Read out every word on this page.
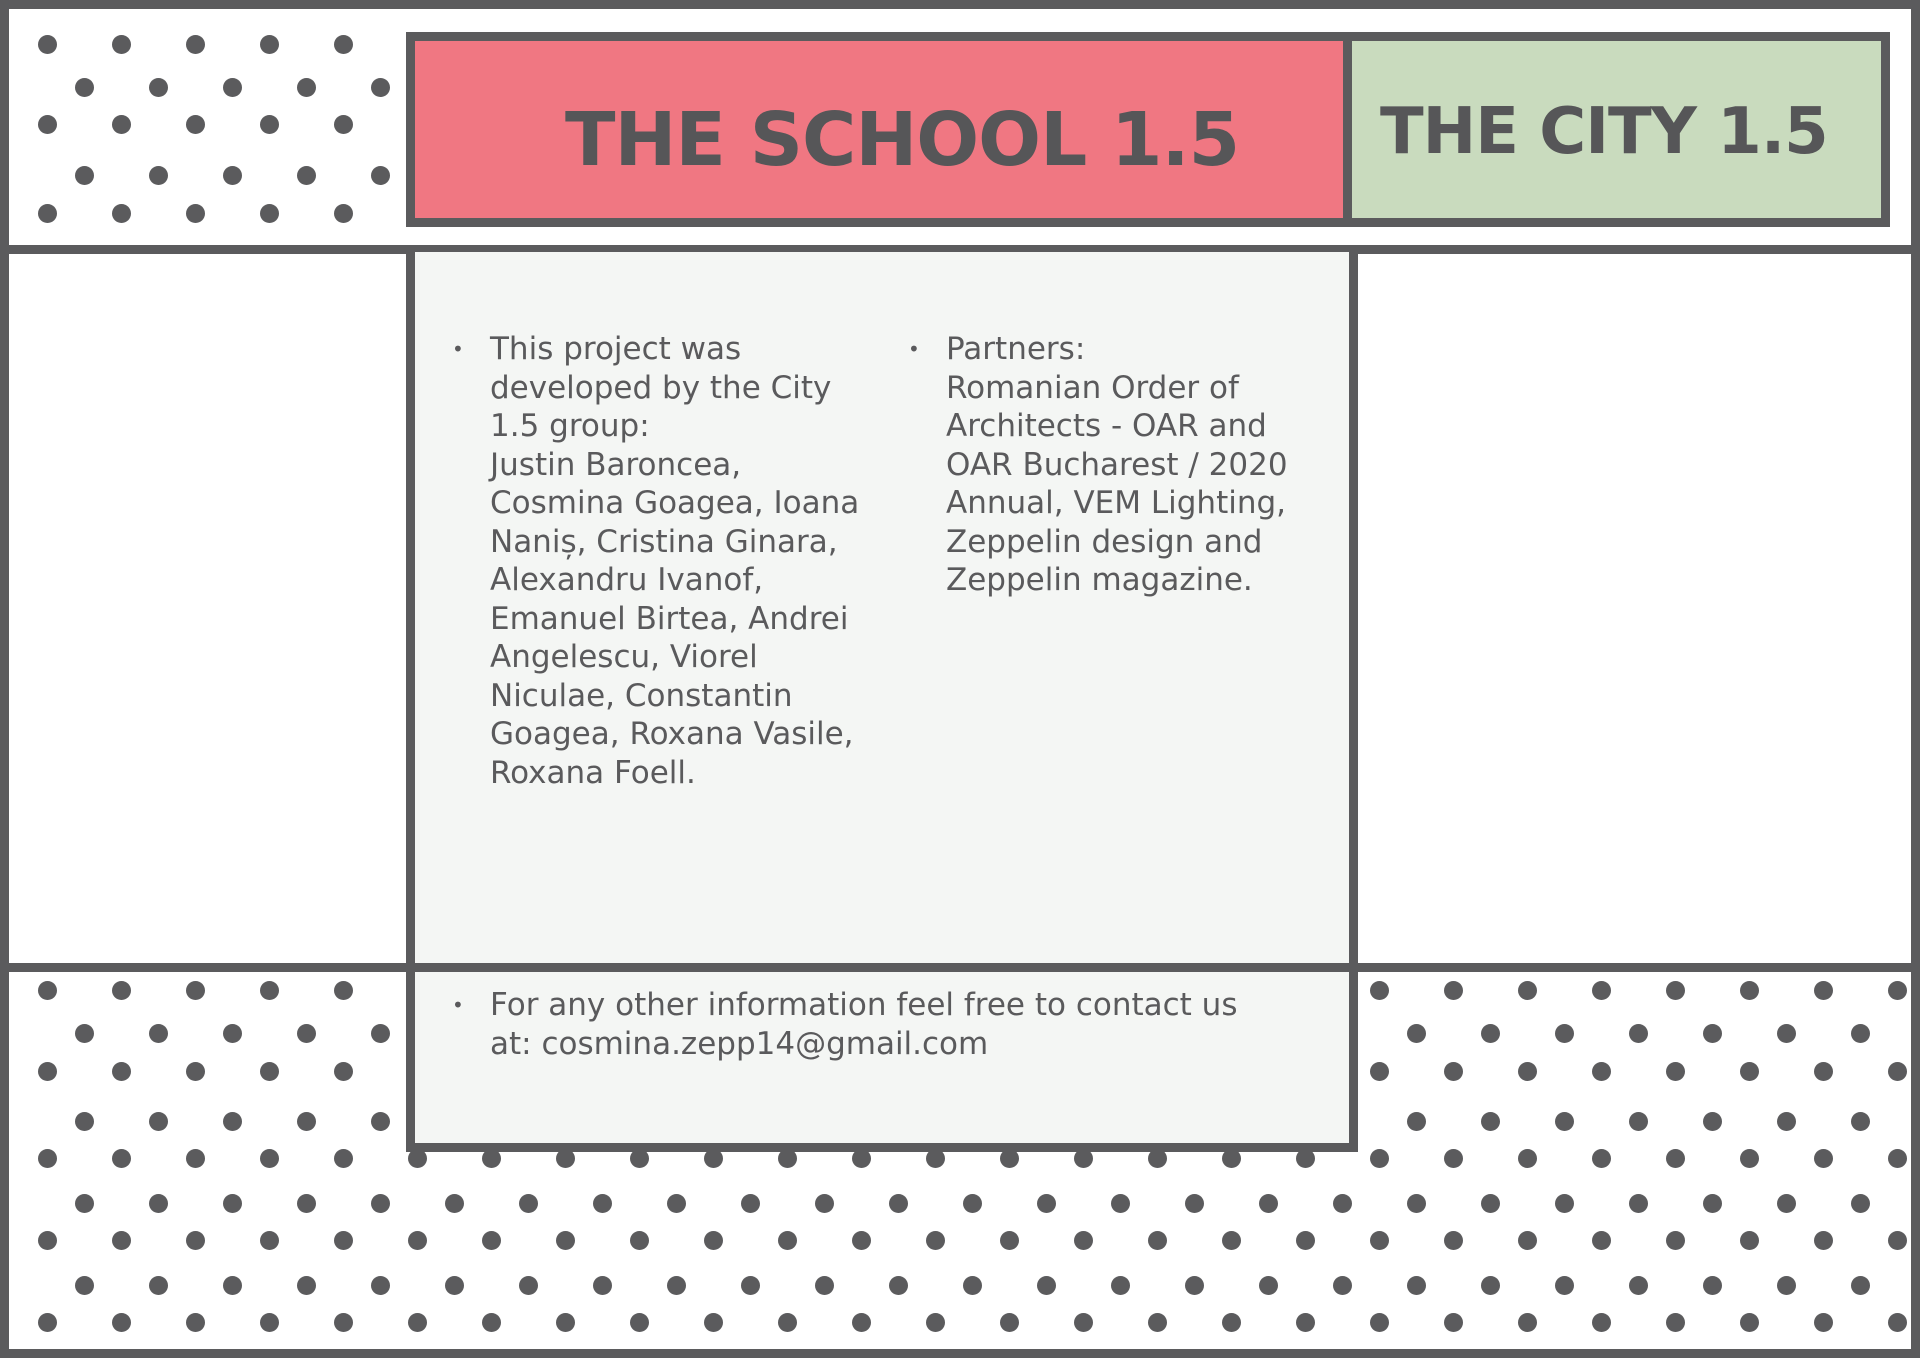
THE SCHOOL 1.5 THE CITY 1.5
• This project was
developed by the City
1.5 group:
Justin Baroncea,
Cosmina Goagea, Ioana
Naniș, Cristina Ginara,
Alexandru Ivanof,
Emanuel Birtea, Andrei
Angelescu, Viorel
Niculae, Constantin
Goagea, Roxana Vasile,
Roxana Foell.
• Partners:
Romanian Order of
Architects - OAR and
OAR Bucharest / 2020
Annual, VEM Lighting,
Zeppelin design and
Zeppelin magazine.
• For any other information feel free to contact us
at: cosmina.zepp14@gmail.com
